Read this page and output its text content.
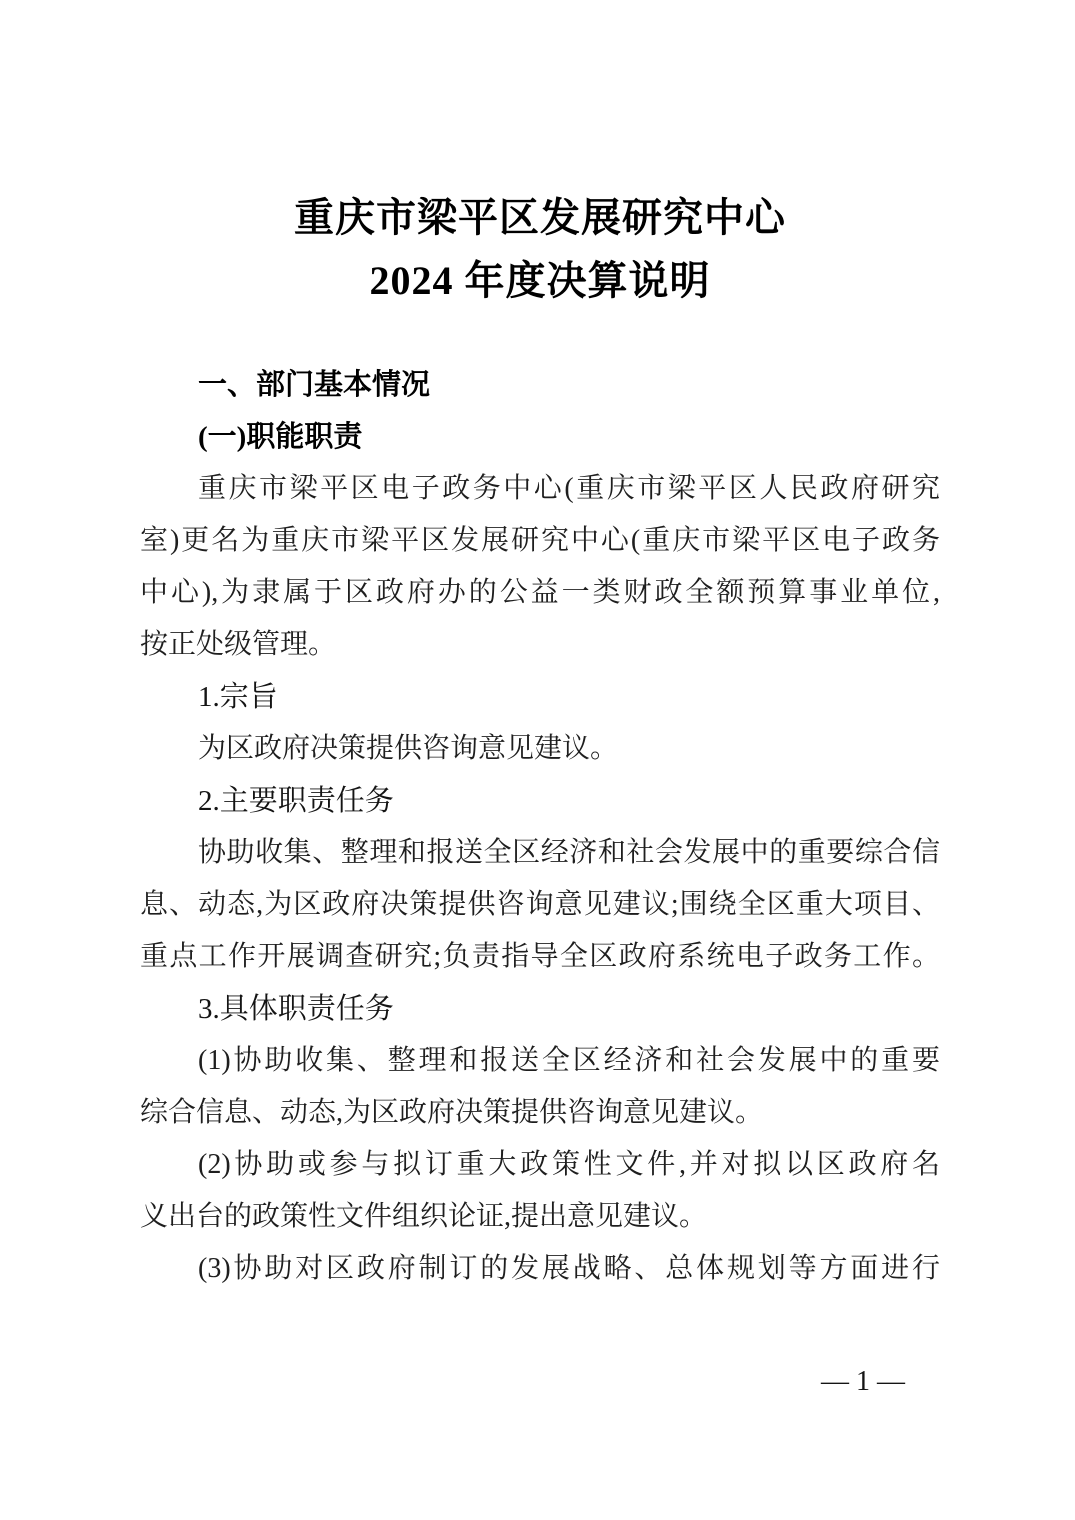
重庆市梁平区发展研究中心
2024 年度决算说明
一、部门基本情况
(一)职能职责
重庆市梁平区电子政务中心(重庆市梁平区人民政府研究
室)更名为重庆市梁平区发展研究中心(重庆市梁平区电子政务
中心),为隶属于区政府办的公益一类财政全额预算事业单位,
按正处级管理。
1.宗旨
为区政府决策提供咨询意见建议。
2.主要职责任务
协助收集、整理和报送全区经济和社会发展中的重要综合信
息、动态,为区政府决策提供咨询意见建议;围绕全区重大项目、
重点工作开展调查研究;负责指导全区政府系统电子政务工作。
3.具体职责任务
(1)协助收集、整理和报送全区经济和社会发展中的重要
综合信息、动态,为区政府决策提供咨询意见建议。
(2)协助或参与拟订重大政策性文件,并对拟以区政府名
义出台的政策性文件组织论证,提出意见建议。
(3)协助对区政府制订的发展战略、总体规划等方面进行
— 1 —
